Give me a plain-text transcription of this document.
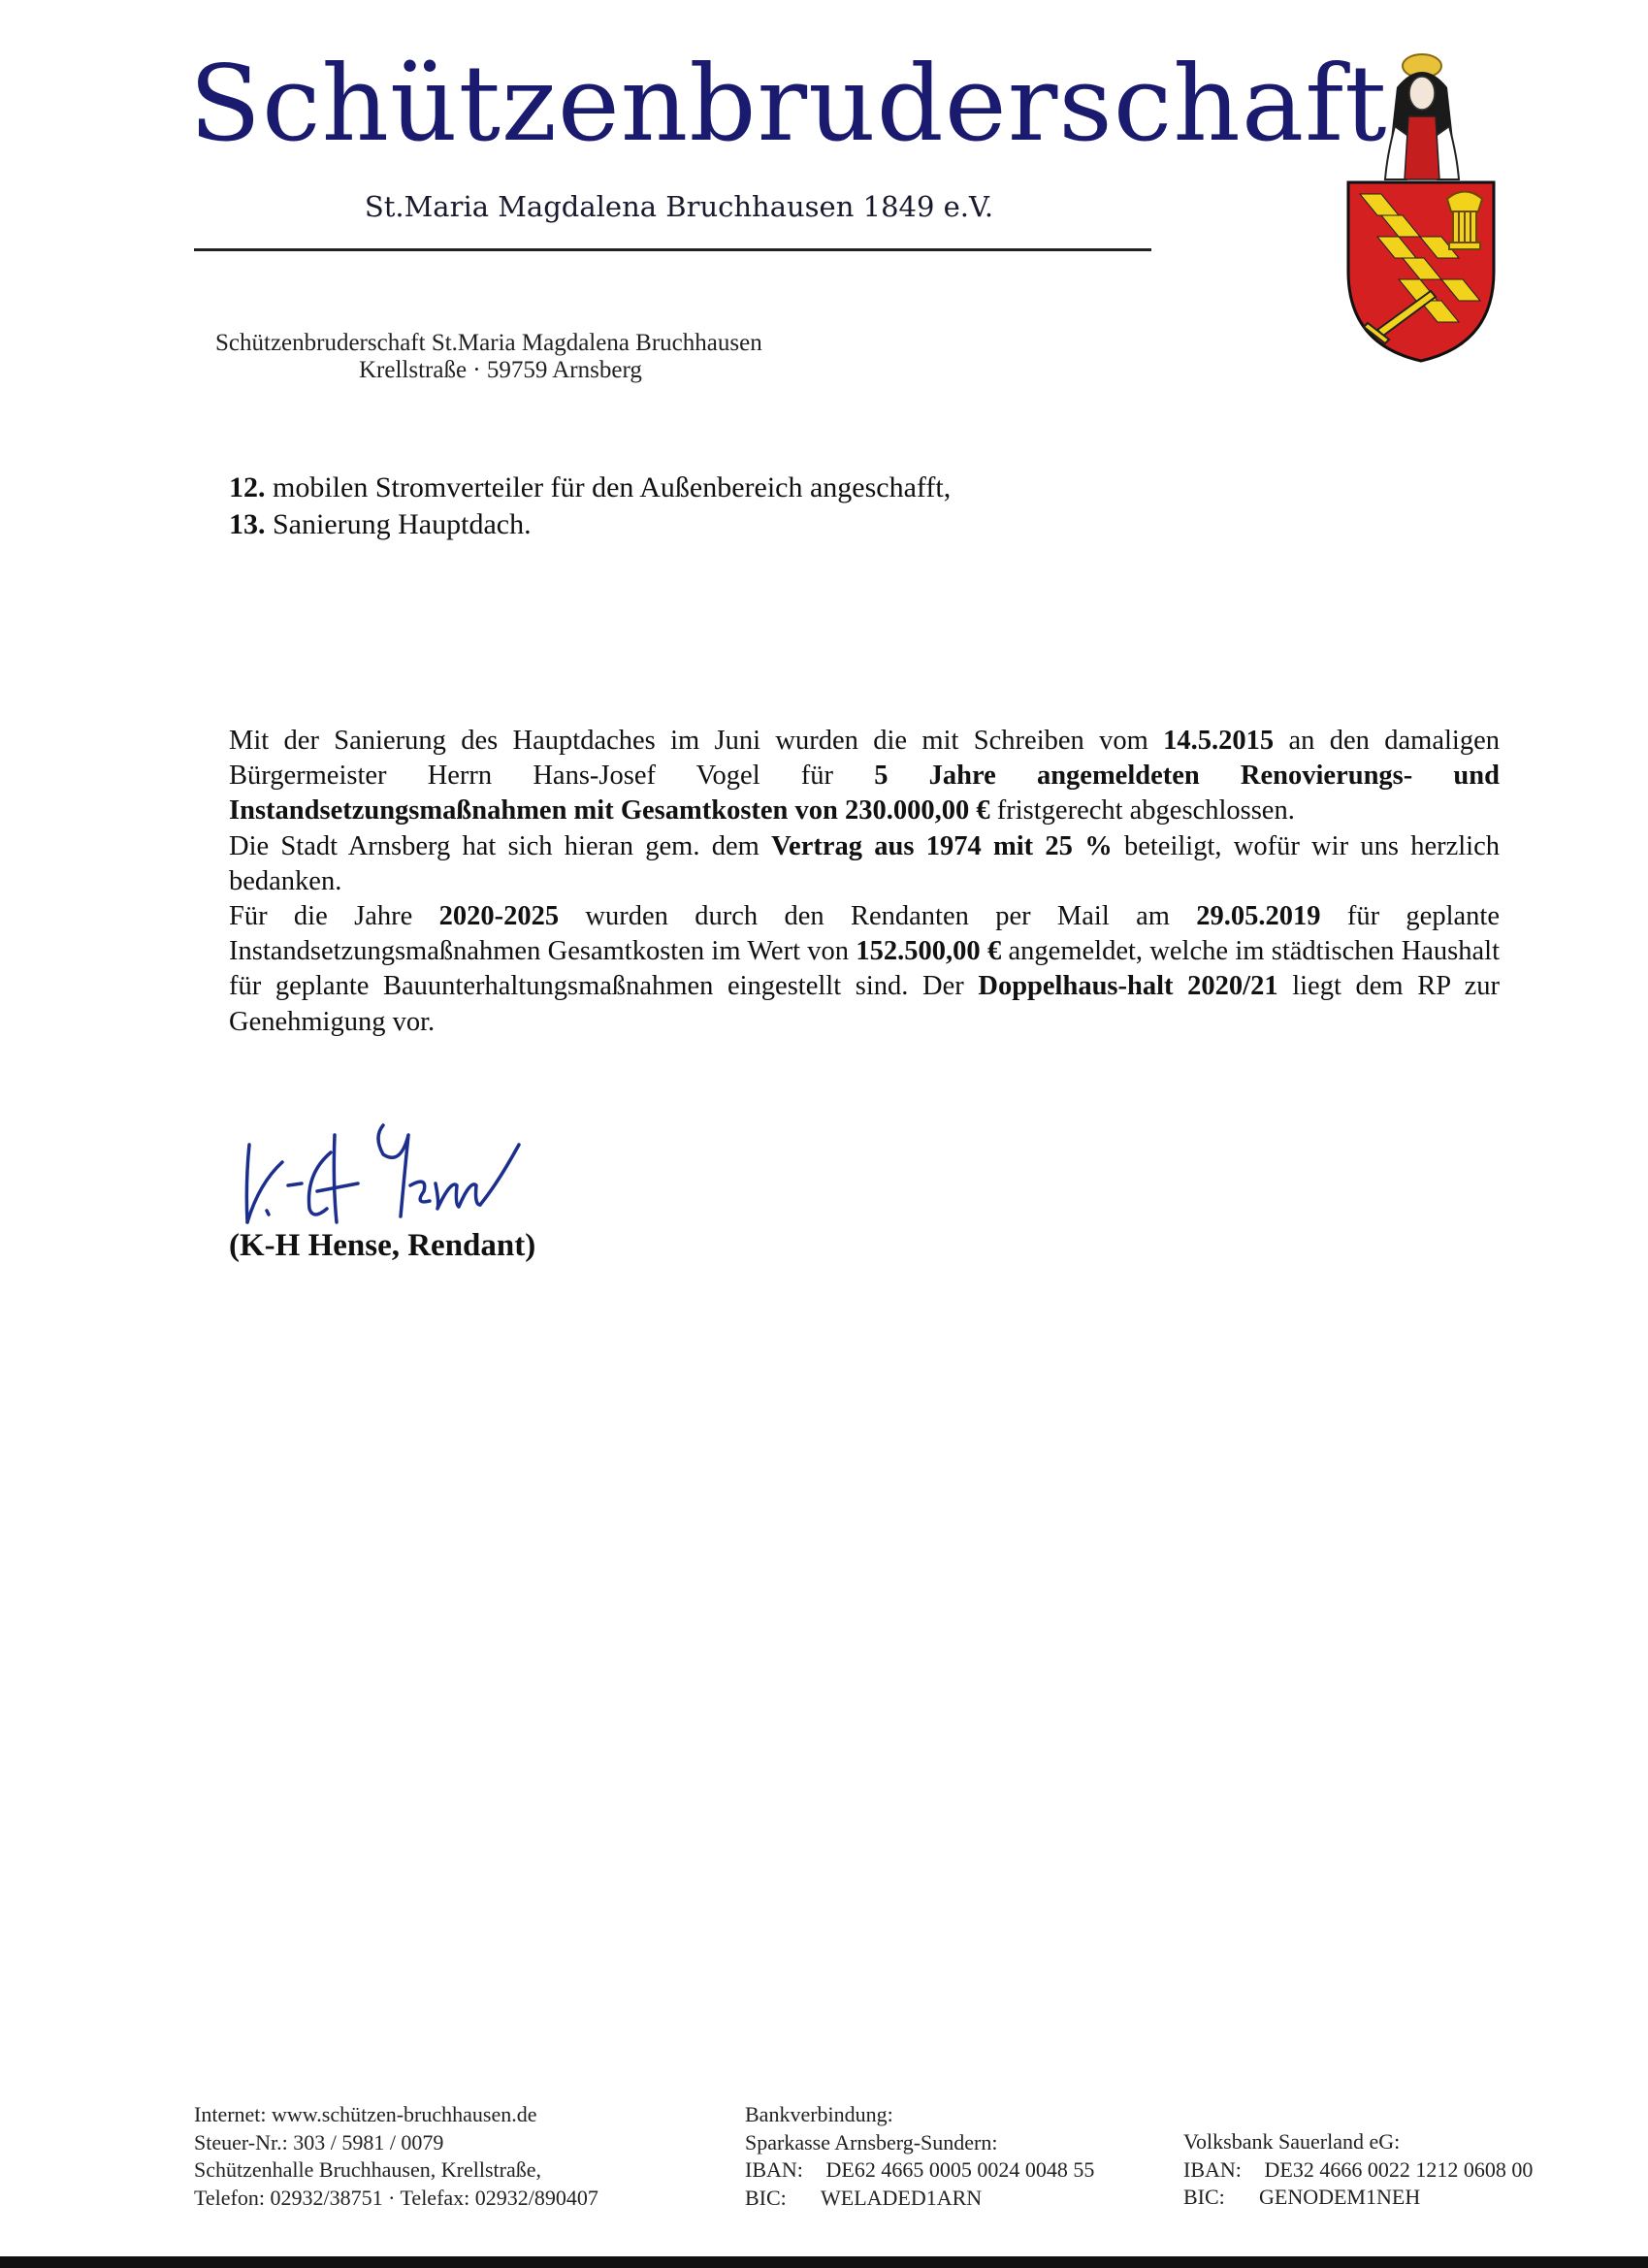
Schützenbruderschaft
St.Maria Magdalena Bruchhausen 1849 e.V.
Schützenbruderschaft St.Maria Magdalena Bruchhausen
Krellstraße · 59759 Arnsberg
12. mobilen Stromverteiler für den Außenbereich angeschafft,
13. Sanierung Hauptdach.
Mit der Sanierung des Hauptdaches im Juni wurden die mit Schreiben vom 14.5.2015 an den damaligen Bürgermeister Herrn Hans-Josef Vogel für 5 Jahre angemeldeten Renovierungs- und Instandsetzungsmaßnahmen mit Gesamtkosten von 230.000,00 € fristgerecht abgeschlossen.
Die Stadt Arnsberg hat sich hieran gem. dem Vertrag aus 1974 mit 25 % beteiligt, wofür wir uns herzlich bedanken.
Für die Jahre 2020-2025 wurden durch den Rendanten per Mail am 29.05.2019 für geplante Instandsetzungsmaßnahmen Gesamtkosten im Wert von 152.500,00 € angemeldet, welche im städtischen Haushalt für geplante Bauunterhaltungsmaßnahmen eingestellt sind. Der Doppelhaus-halt 2020/21 liegt dem RP zur Genehmigung vor.
(K-H Hense, Rendant)
Internet: www.schützen-bruchhausen.de
Steuer-Nr.: 303 / 5981 / 0079
Schützenhalle Bruchhausen, Krellstraße,
Telefon: 02932/38751 · Telefax: 02932/890407
Bankverbindung:
Sparkasse Arnsberg-Sundern:
IBAN: DE62 4665 0005 0024 0048 55
BIC: WELADED1ARN
Volksbank Sauerland eG:
IBAN: DE32 4666 0022 1212 0608 00
BIC: GENODEM1NEH
